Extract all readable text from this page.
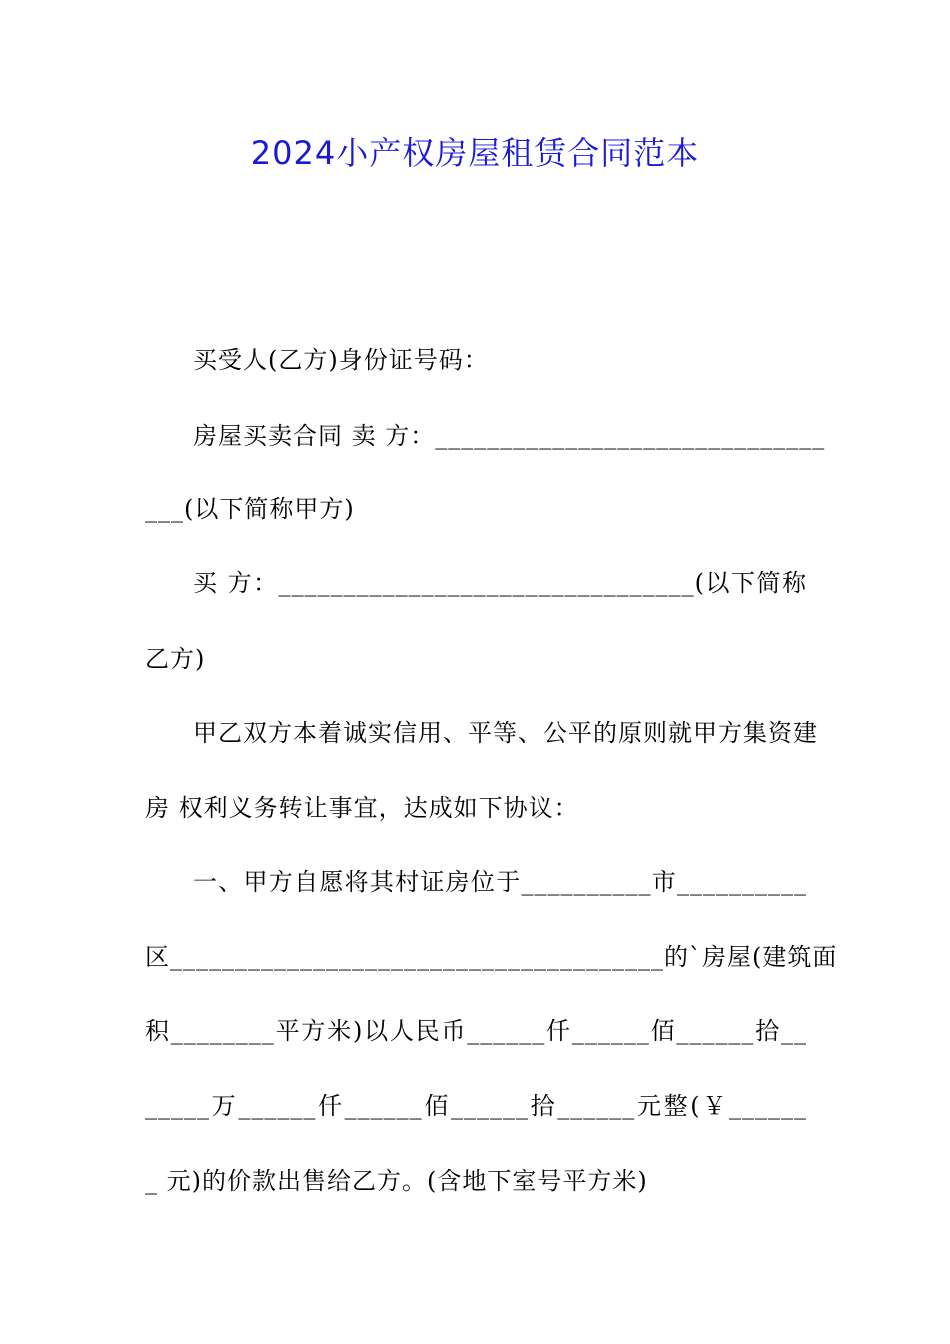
2024小产权房屋租赁合同范本
买受人(乙方)身份证号码：
房屋买卖合同 卖 方：______________________________
___(以下简称甲方)
买 方：________________________________(以下简称
乙方)
甲乙双方本着诚实信用、平等、公平的原则就甲方集资建
房 权利义务转让事宜，达成如下协议：
一、甲方自愿将其村证房位于__________市__________
区______________________________________的`房屋(建筑面
积________平方米)以人民币______仟______佰______拾__
_____万______仟______佰______拾______元整(￥______
_ 元)的价款出售给乙方。(含地下室号平方米)
